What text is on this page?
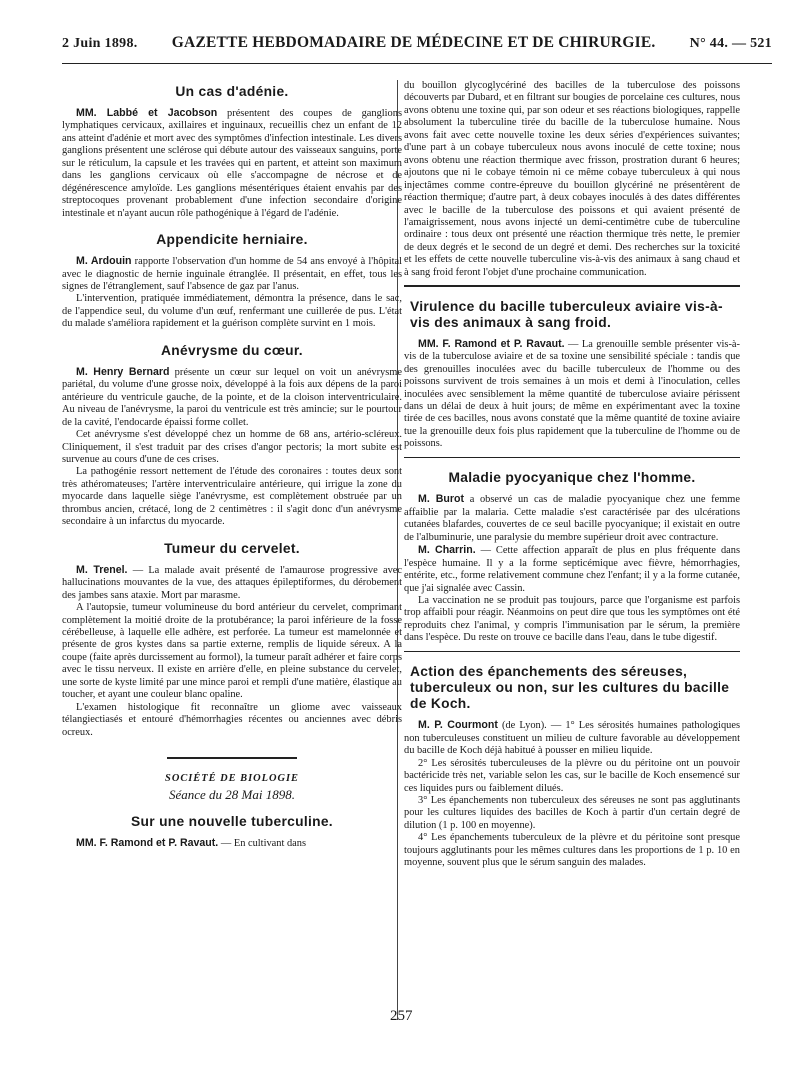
2 Juin 1898. GAZETTE HEBDOMADAIRE DE MÉDECINE ET DE CHIRURGIE. N° 44. — 521
Un cas d'adénie.

MM. Labbé et Jacobson présentent des coupes de ganglions lymphatiques cervicaux, axillaires et inguinaux, recueillis chez un enfant de 12 ans atteint d'adénie et mort avec des symptômes d'infection intestinale. Les divers ganglions présentent une sclérose qui débute autour des vaisseaux sanguins, porte sur le réticulum, la capsule et les travées qui en partent, et atteint son maximum dans les ganglions cervicaux où elle s'accompagne de nécrose et de dégénérescence amyloïde. Les ganglions mésentériques étaient envahis par des streptocoques provenant probablement d'une infection secondaire d'origine intestinale et n'ayant aucun rôle pathogénique à l'égard de l'adénie.

Appendicite herniaire.

M. Ardouin rapporte l'observation d'un homme de 54 ans envoyé à l'hôpital avec le diagnostic de hernie inguinale étranglée. Il présentait, en effet, tous les signes de l'étranglement, sauf l'absence de gaz par l'anus.

L'intervention, pratiquée immédiatement, démontra la présence, dans le sac, de l'appendice seul, du volume d'un œuf, renfermant une cuillerée de pus. L'état du malade s'améliora rapidement et la guérison complète survint en 1 mois.

Anévrysme du cœur.

M. Henry Bernard présente un cœur sur lequel on voit un anévrysme pariétal, du volume d'une grosse noix, développé à la fois aux dépens de la paroi antérieure du ventricule gauche, de la pointe, et de la cloison interventriculaire. Au niveau de l'anévrysme, la paroi du ventricule est très amincie; sur le pourtour de la cavité, l'endocarde épaissi forme collet.

Cet anévrysme s'est développé chez un homme de 68 ans, artério-scléreux. Cliniquement, il s'est traduit par des crises d'angor pectoris; la mort subite est survenue au cours d'une de ces crises.

La pathogénie ressort nettement de l'étude des coronaires : toutes deux sont très athéromateuses; l'artère interventriculaire antérieure, qui irrigue la zone du myocarde dans laquelle siège l'anévrysme, est complètement obstruée par un thrombus ancien, crétacé, long de 2 centimètres : il s'agit donc d'un anévrysme secondaire à un infarctus du myocarde.

Tumeur du cervelet.

M. Trenel. — La malade avait présenté de l'amaurose progressive avec hallucinations mouvantes de la vue, des attaques épileptiformes, du dérobement des jambes sans ataxie. Mort par marasme.

A l'autopsie, tumeur volumineuse du bord antérieur du cervelet, comprimant complètement la moitié droite de la protubérance; la paroi inférieure de la fosse cérébelleuse, à laquelle elle adhère, est perforée. La tumeur est mamelonnée et présente de gros kystes dans sa partie externe, remplis de liquide séreux. A la coupe (faite après durcissement au formol), la tumeur paraît adhérer et faire corps avec le tissu nerveux. Il existe en arrière d'elle, en pleine substance du cervelet, une sorte de kyste limité par une mince paroi et rempli d'une matière, élastique au toucher, et ayant une couleur blanc opaline.

L'examen histologique fit reconnaître un gliome avec vaisseaux télangiectiasés et entouré d'hémorrhagies récentes ou anciennes avec débris ocreux.

SOCIÉTÉ DE BIOLOGIE
Séance du 28 Mai 1898.
Sur une nouvelle tuberculine.

MM. F. Ramond et P. Ravaut. — En cultivant dans

du bouillon glycoglycériné des bacilles de la tuberculose des poissons découverts par Dubard, et en filtrant sur bougies de porcelaine ces cultures, nous avons obtenu une toxine qui, par son odeur et ses réactions biologiques, rappelle absolument la tuberculine tirée du bacille de la tuberculose humaine. Nous avons fait avec cette nouvelle toxine les deux séries d'expériences suivantes; d'une part à un cobaye tuberculeux nous avons inoculé de cette toxine; nous avons obtenu une réaction thermique avec frisson, prostration durant 6 heures; ajoutons que ni le cobaye témoin ni ce même cobaye tuberculeux à qui nous injectâmes comme contre-épreuve du bouillon glycériné ne présentèrent de réaction thermique; d'autre part, à deux cobayes inoculés à des dates différentes avec le bacille de la tuberculose des poissons et qui avaient présenté de l'amaigrissement, nous avons injecté un demi-centimètre cube de tuberculine ordinaire : tous deux ont présenté une réaction thermique très nette, le premier de deux degrés et le second de un degré et demi. Des recherches sur la toxicité et les effets de cette nouvelle tuberculine vis-à-vis des animaux à sang chaud et à sang froid feront l'objet d'une prochaine communication.

Virulence du bacille tuberculeux aviaire vis-à-vis des animaux à sang froid.

MM. F. Ramond et P. Ravaut. — La grenouille semble présenter vis-à-vis de la tuberculose aviaire et de sa toxine une sensibilité spéciale : tandis que des grenouilles inoculées avec du bacille tuberculeux de l'homme ou des poissons survivent de trois semaines à un mois et demi à l'inoculation, celles inoculées avec sensiblement la même quantité de tuberculose aviaire périssent dans un délai de deux à huit jours; de même en expérimentant avec la toxine tirée de ces bacilles, nous avons constaté que la même quantité de toxine aviaire tue la grenouille deux fois plus rapidement que la tuberculine de l'homme ou de poissons.

Maladie pyocyanique chez l'homme.

M. Burot a observé un cas de maladie pyocyanique chez une femme affaiblie par la malaria. Cette maladie s'est caractérisée par des ulcérations cutanées blafardes, couvertes de ce seul bacille pyocyanique; il existait en outre de l'albuminurie, une paralysie du membre supérieur droit avec contracture.

M. Charrin. — Cette affection apparaît de plus en plus fréquente dans l'espèce humaine. Il y a la forme septicémique avec fièvre, hémorrhagies, entérite, etc., forme relativement commune chez l'enfant; il y a la forme cutanée, que j'ai signalée avec Cassin.

La vaccination ne se produit pas toujours, parce que l'organisme est parfois trop affaibli pour réagir. Néanmoins on peut dire que tous les symptômes ont été reproduits chez l'animal, y compris l'immunisation par le sérum, la première dans l'espèce. Du reste on trouve ce bacille dans l'eau, dans le tube digestif.

Action des épanchements des séreuses, tuberculeux ou non, sur les cultures du bacille de Koch.

M. P. Courmont (de Lyon). — 1° Les sérosités humaines pathologiques non tuberculeuses constituent un milieu de culture favorable au développement du bacille de Koch déjà habitué à pousser en milieu liquide.

2° Les sérosités tuberculeuses de la plèvre ou du péritoine ont un pouvoir bactéricide très net, variable selon les cas, sur le bacille de Koch ensemencé sur ces liquides purs ou faiblement dilués.

3° Les épanchements non tuberculeux des séreuses ne sont pas agglutinants pour les cultures liquides des bacilles de Koch à partir d'un certain degré de dilution (1 p. 100 en moyenne).

4° Les épanchements tuberculeux de la plèvre et du péritoine sont presque toujours agglutinants pour les mêmes cultures dans les proportions de 1 p. 10 en moyenne, souvent plus que le sérum sanguin des malades.

257
